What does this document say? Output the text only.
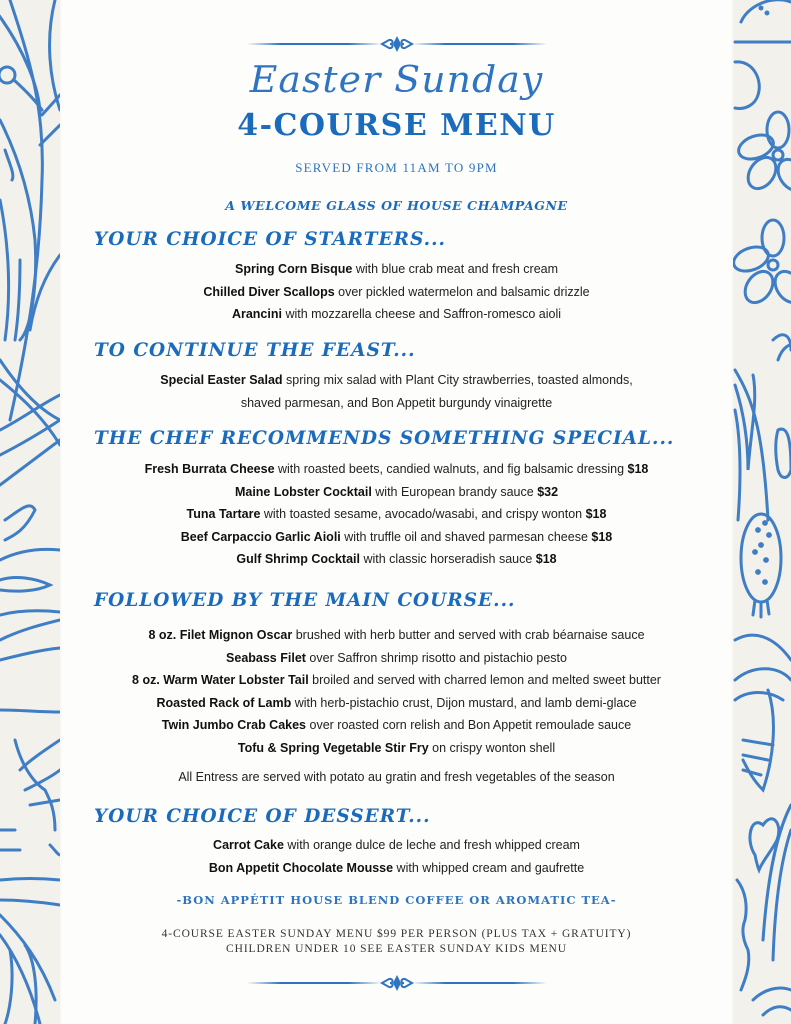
Easter Sunday
4-COURSE MENU
SERVED FROM 11AM TO 9PM
A WELCOME GLASS OF HOUSE CHAMPAGNE
YOUR CHOICE OF STARTERS...
Spring Corn Bisque with blue crab meat and fresh cream
Chilled Diver Scallops over pickled watermelon and balsamic drizzle
Arancini with mozzarella cheese and Saffron-romesco aioli
TO CONTINUE THE FEAST...
Special Easter Salad spring mix salad with Plant City strawberries, toasted almonds,
shaved parmesan, and Bon Appetit burgundy vinaigrette
THE CHEF RECOMMENDS SOMETHING SPECIAL...
Fresh Burrata Cheese with roasted beets, candied walnuts, and fig balsamic dressing $18
Maine Lobster Cocktail with European brandy sauce $32
Tuna Tartare with toasted sesame, avocado/wasabi, and crispy wonton $18
Beef Carpaccio Garlic Aioli with truffle oil and shaved parmesan cheese $18
Gulf Shrimp Cocktail with classic horseradish sauce $18
FOLLOWED BY THE MAIN COURSE...
8 oz. Filet Mignon Oscar brushed with herb butter and served with crab béarnaise sauce
Seabass Filet over Saffron shrimp risotto and pistachio pesto
8 oz. Warm Water Lobster Tail broiled and served with charred lemon and melted sweet butter
Roasted Rack of Lamb with herb-pistachio crust, Dijon mustard, and lamb demi-glace
Twin Jumbo Crab Cakes over roasted corn relish and Bon Appetit remoulade sauce
Tofu & Spring Vegetable Stir Fry on crispy wonton shell
All Entress are served with potato au gratin and fresh vegetables of the season
YOUR CHOICE OF DESSERT...
Carrot Cake with orange dulce de leche and fresh whipped cream
Bon Appetit Chocolate Mousse with whipped cream and gaufrette
-BON APPÉTIT HOUSE BLEND COFFEE OR AROMATIC TEA-
4-COURSE EASTER SUNDAY MENU $99 PER PERSON (PLUS TAX + GRATUITY)
CHILDREN UNDER 10 SEE EASTER SUNDAY KIDS MENU
